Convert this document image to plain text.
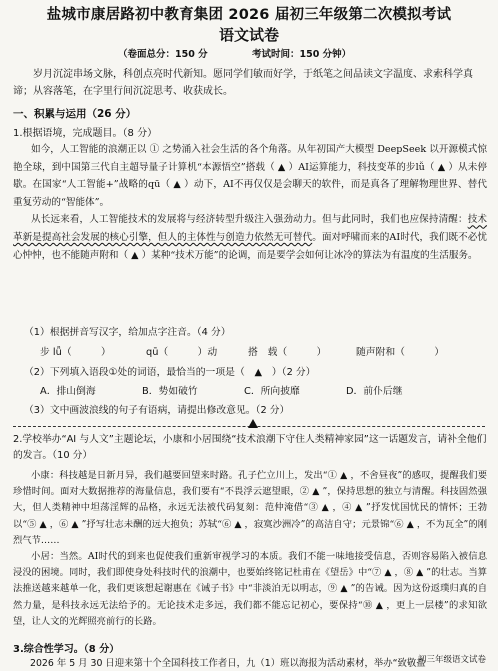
盐城市康居路初中教育集团 2026 届初三年级第二次模拟考试
语文试卷
（卷面总分：150 分	考试时间：150 分钟）

岁月沉淀串场文脉，科创点亮时代新知。愿同学们敏而好学，于纸笔之间品读文字温度、求索科学真谛；从容落笔，在字里行间沉淀思考、收获成长。

一、积累与运用（26 分）
1.根据语境，完成题目。（8 分）

如今，人工智能的浪潮正以 ① 之势涌入社会生活的各个角落。从年初国产大模型 DeepSeek 以开源模式惊艳全球，到中国第三代自主超导量子计算机“本源悟空”搭载（ ▲ ）AI运算能力，科技变革的步lǚ（ ▲ ）从未停歇。在国家“人工智能+”战略的qū（ ▲ ）动下，AI不再仅仅是会聊天的软件，而是真各了理解物理世界、替代重复劳动的“智能体”。

从长远来看，人工智能技术的发展将与经济转型升级注入强劲动力。但与此同时，我们也应保持清醒：技术革新是提高社会发展的核心引擎，但人的主体性与创造力依然无可替代。面对呼啸而来的AI时代，我们既不必忧心忡忡，也不能随声附和（ ▲ ）某种“技术万能”的论调，而是要学会如何让冰冷的算法为有温度的生活服务。

（1）根据拼音写汉字，给加点字注音。（4 分）
步 lǚ（　　　）	qū（　　　）动	搭　载（　　　）	随声附和（　　　）
（2）下列填入语段①处的词语，最恰当的一项是（　▲　）（2 分）
A．排山倒海	B．势如破竹	C．所向披靡	D．前仆后继
（3）文中画波浪线的句子有语病，请提出修改意见。（2 分）
2.学校举办“AI 与人文”主题论坛，小康和小居围绕“技术浪潮下守住人类精神家园”这一话题发言，请补全他们的发言。（10 分）

小康：科技越是日新月异，我们越要回望来时路。孔子伫立川上，发出“① ▲ ，不舍昼夜”的感叹，提醒我们要珍惜时间。面对大数据推荐的海量信息，我们要有“不畏浮云遮望眼，② ▲ ”，保持思想的独立与清醒。科技固然强大，但人类精神中坦荡淫辉的品格，永远无法被代码复刻：范仲淹借“③ ▲ ，④ ▲ ”抒发忧国忧民的情怀；王勃以“⑤ ▲ ，⑥ ▲ ”抒写壮志未酬的远大抱负；苏轼“⑥ ▲ ，寂寞沙洲冷”的高洁自守；元景锦“⑥ ▲ ，不为瓦全”的刚烈气节……

小居：当然。AI时代的到来也促使我们重新审视学习的本质。我们不能一味地接受信息，否则容易陷入被信息浸没的困境。同时，我们即使身处科技时代的浪潮中，也要始终铭记杜甫在《望岳》中“⑦ ▲ ，⑧ ▲ ”的壮志。当算法推送越来越单一化，我们更该想起谢惠在《诫子书》中“非淡泊无以明志，⑨ ▲ ”的告诫。因为这份返璞归真的自然力量，是科技永远无法给予的。无论技术走多远，我们都不能忘记初心，要保持“⑩ ▲ ，更上一层楼”的求知欲望，让人文的光辉照亮前行的长路。

3.综合性学习。（8 分）
2026 年 5 月 30 日迎来第十个全国科技工作者日，九（1）班以海报为活动素材，举办“致敬盐
初三年级语文试卷
